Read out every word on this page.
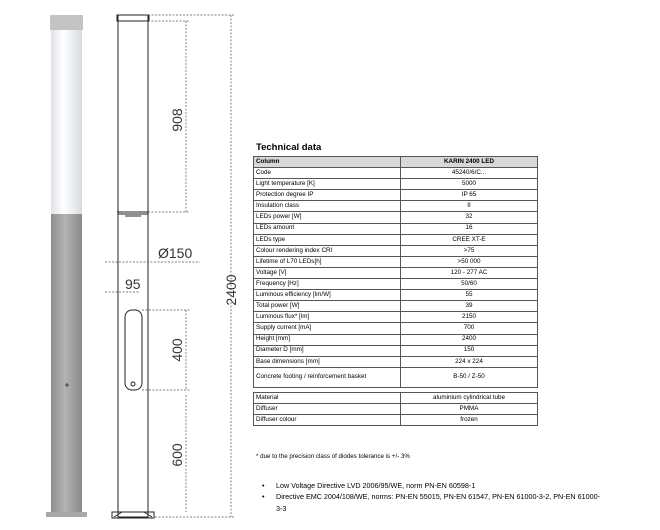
2400
908
Ø150
95
400
600
Technical data
Column	KARIN 2400 LED
Code	45240/6/C...
Light temperature [K]	5000
Protection degree IP	IP 65
Insulation class	II
LEDs power [W]	32
LEDs amount	16
LEDs type	CREE XT-E
Colour rendering index CRI	>75
Lifetime of L70 LEDs[h]	>50 000
Voltage [V]	120 - 277 AC
Frequency [Hz]	50/60
Luminous efficiency [lm/W]	55
Total power [W]	39
Luminous flux* [lm]	2150
Supply current [mA]	700
Height [mm]	2400
Diameter D [mm]	150
Base dimensions [mm]	224 x 224
Concrete footing / reinforcement basket	B-50 / Z-50

Material	aluminium cylindrical tube
Diffuser	PMMA
Diffuser colour	frozen

* due to the precision class of diodes tolerance is +/- 3%

• Low Voltage Directive LVD 2006/95/WE, norm PN-EN 60598-1
• Directive EMC 2004/108/WE, norms: PN-EN 55015, PN-EN 61547, PN-EN 61000-3-2, PN-EN 61000-3-3
